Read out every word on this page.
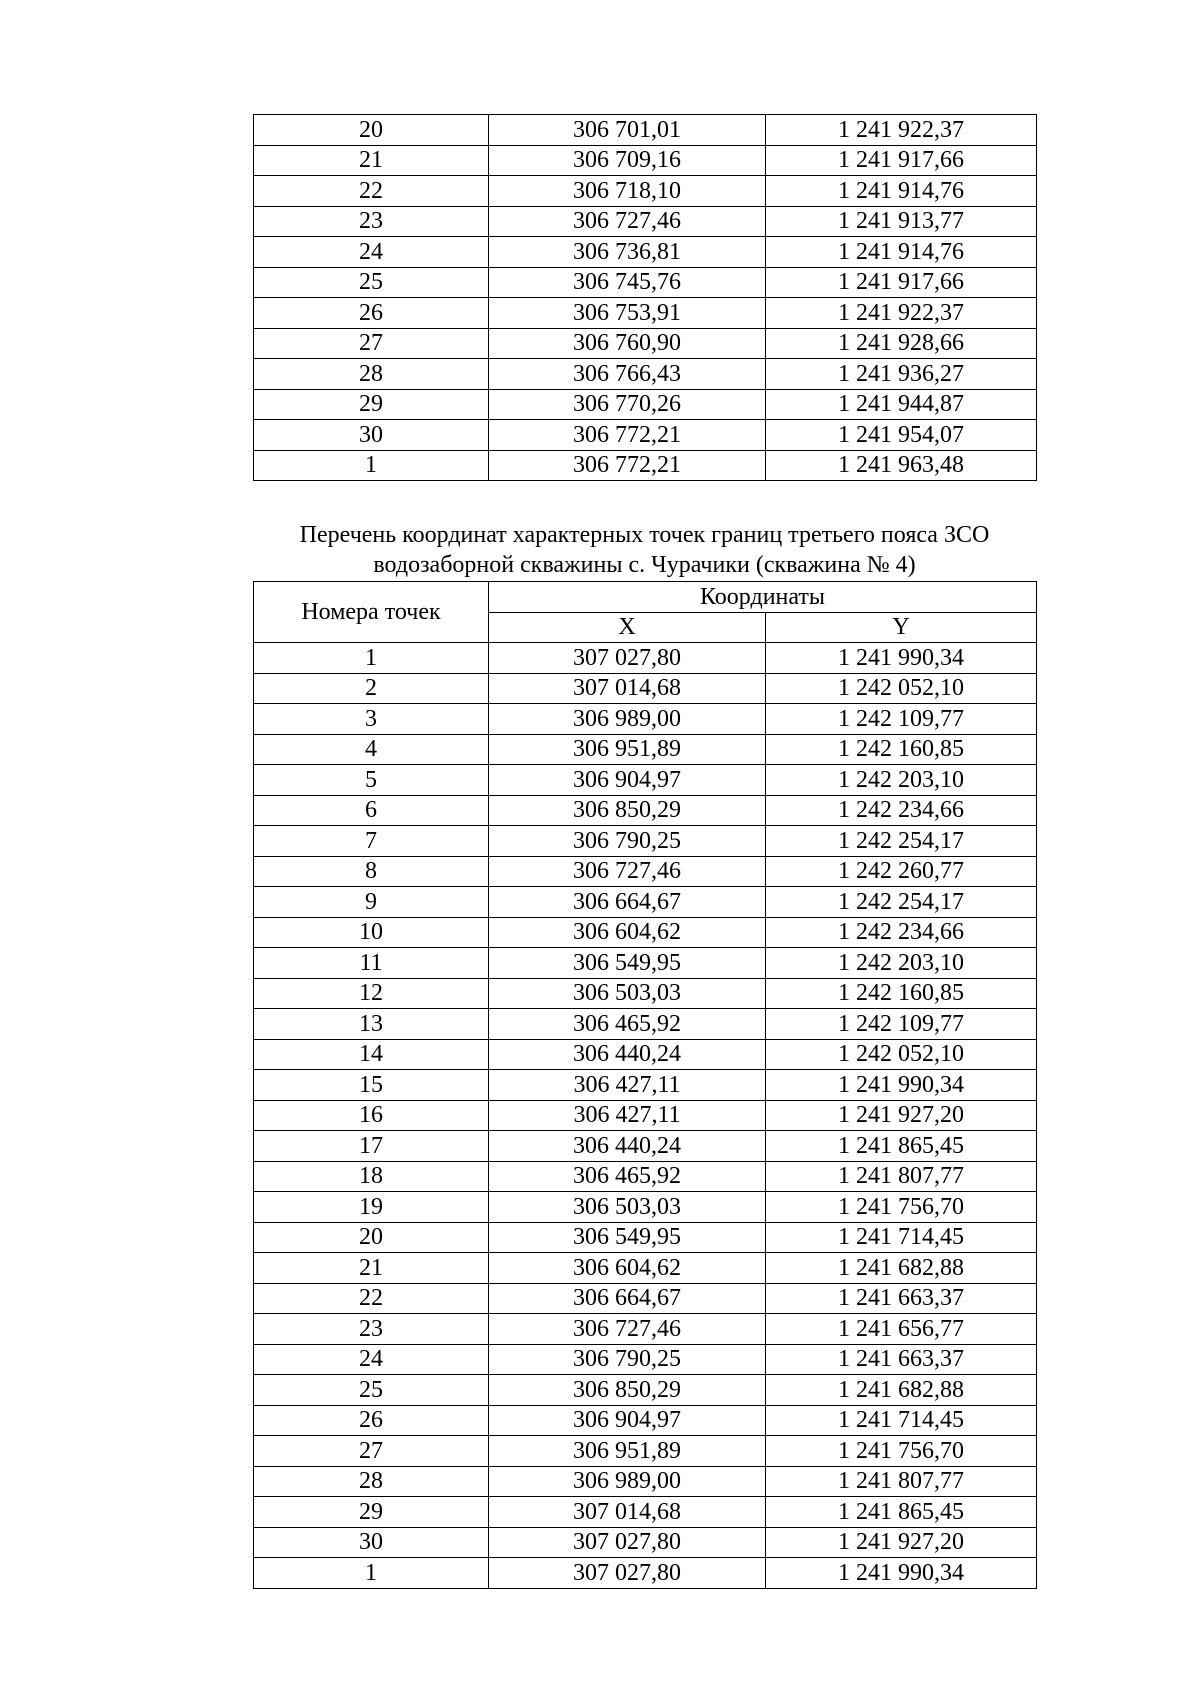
20	306 701,01	1 241 922,37
21	306 709,16	1 241 917,66
22	306 718,10	1 241 914,76
23	306 727,46	1 241 913,77
24	306 736,81	1 241 914,76
25	306 745,76	1 241 917,66
26	306 753,91	1 241 922,37
27	306 760,90	1 241 928,66
28	306 766,43	1 241 936,27
29	306 770,26	1 241 944,87
30	306 772,21	1 241 954,07
1	306 772,21	1 241 963,48
Перечень координат характерных точек границ третьего пояса ЗСО
водозаборной скважины с. Чурачики (скважина № 4)
Номера точек	Координаты	
	X	Y
1	307 027,80	1 241 990,34
2	307 014,68	1 242 052,10
3	306 989,00	1 242 109,77
4	306 951,89	1 242 160,85
5	306 904,97	1 242 203,10
6	306 850,29	1 242 234,66
7	306 790,25	1 242 254,17
8	306 727,46	1 242 260,77
9	306 664,67	1 242 254,17
10	306 604,62	1 242 234,66
11	306 549,95	1 242 203,10
12	306 503,03	1 242 160,85
13	306 465,92	1 242 109,77
14	306 440,24	1 242 052,10
15	306 427,11	1 241 990,34
16	306 427,11	1 241 927,20
17	306 440,24	1 241 865,45
18	306 465,92	1 241 807,77
19	306 503,03	1 241 756,70
20	306 549,95	1 241 714,45
21	306 604,62	1 241 682,88
22	306 664,67	1 241 663,37
23	306 727,46	1 241 656,77
24	306 790,25	1 241 663,37
25	306 850,29	1 241 682,88
26	306 904,97	1 241 714,45
27	306 951,89	1 241 756,70
28	306 989,00	1 241 807,77
29	307 014,68	1 241 865,45
30	307 027,80	1 241 927,20
1	307 027,80	1 241 990,34
